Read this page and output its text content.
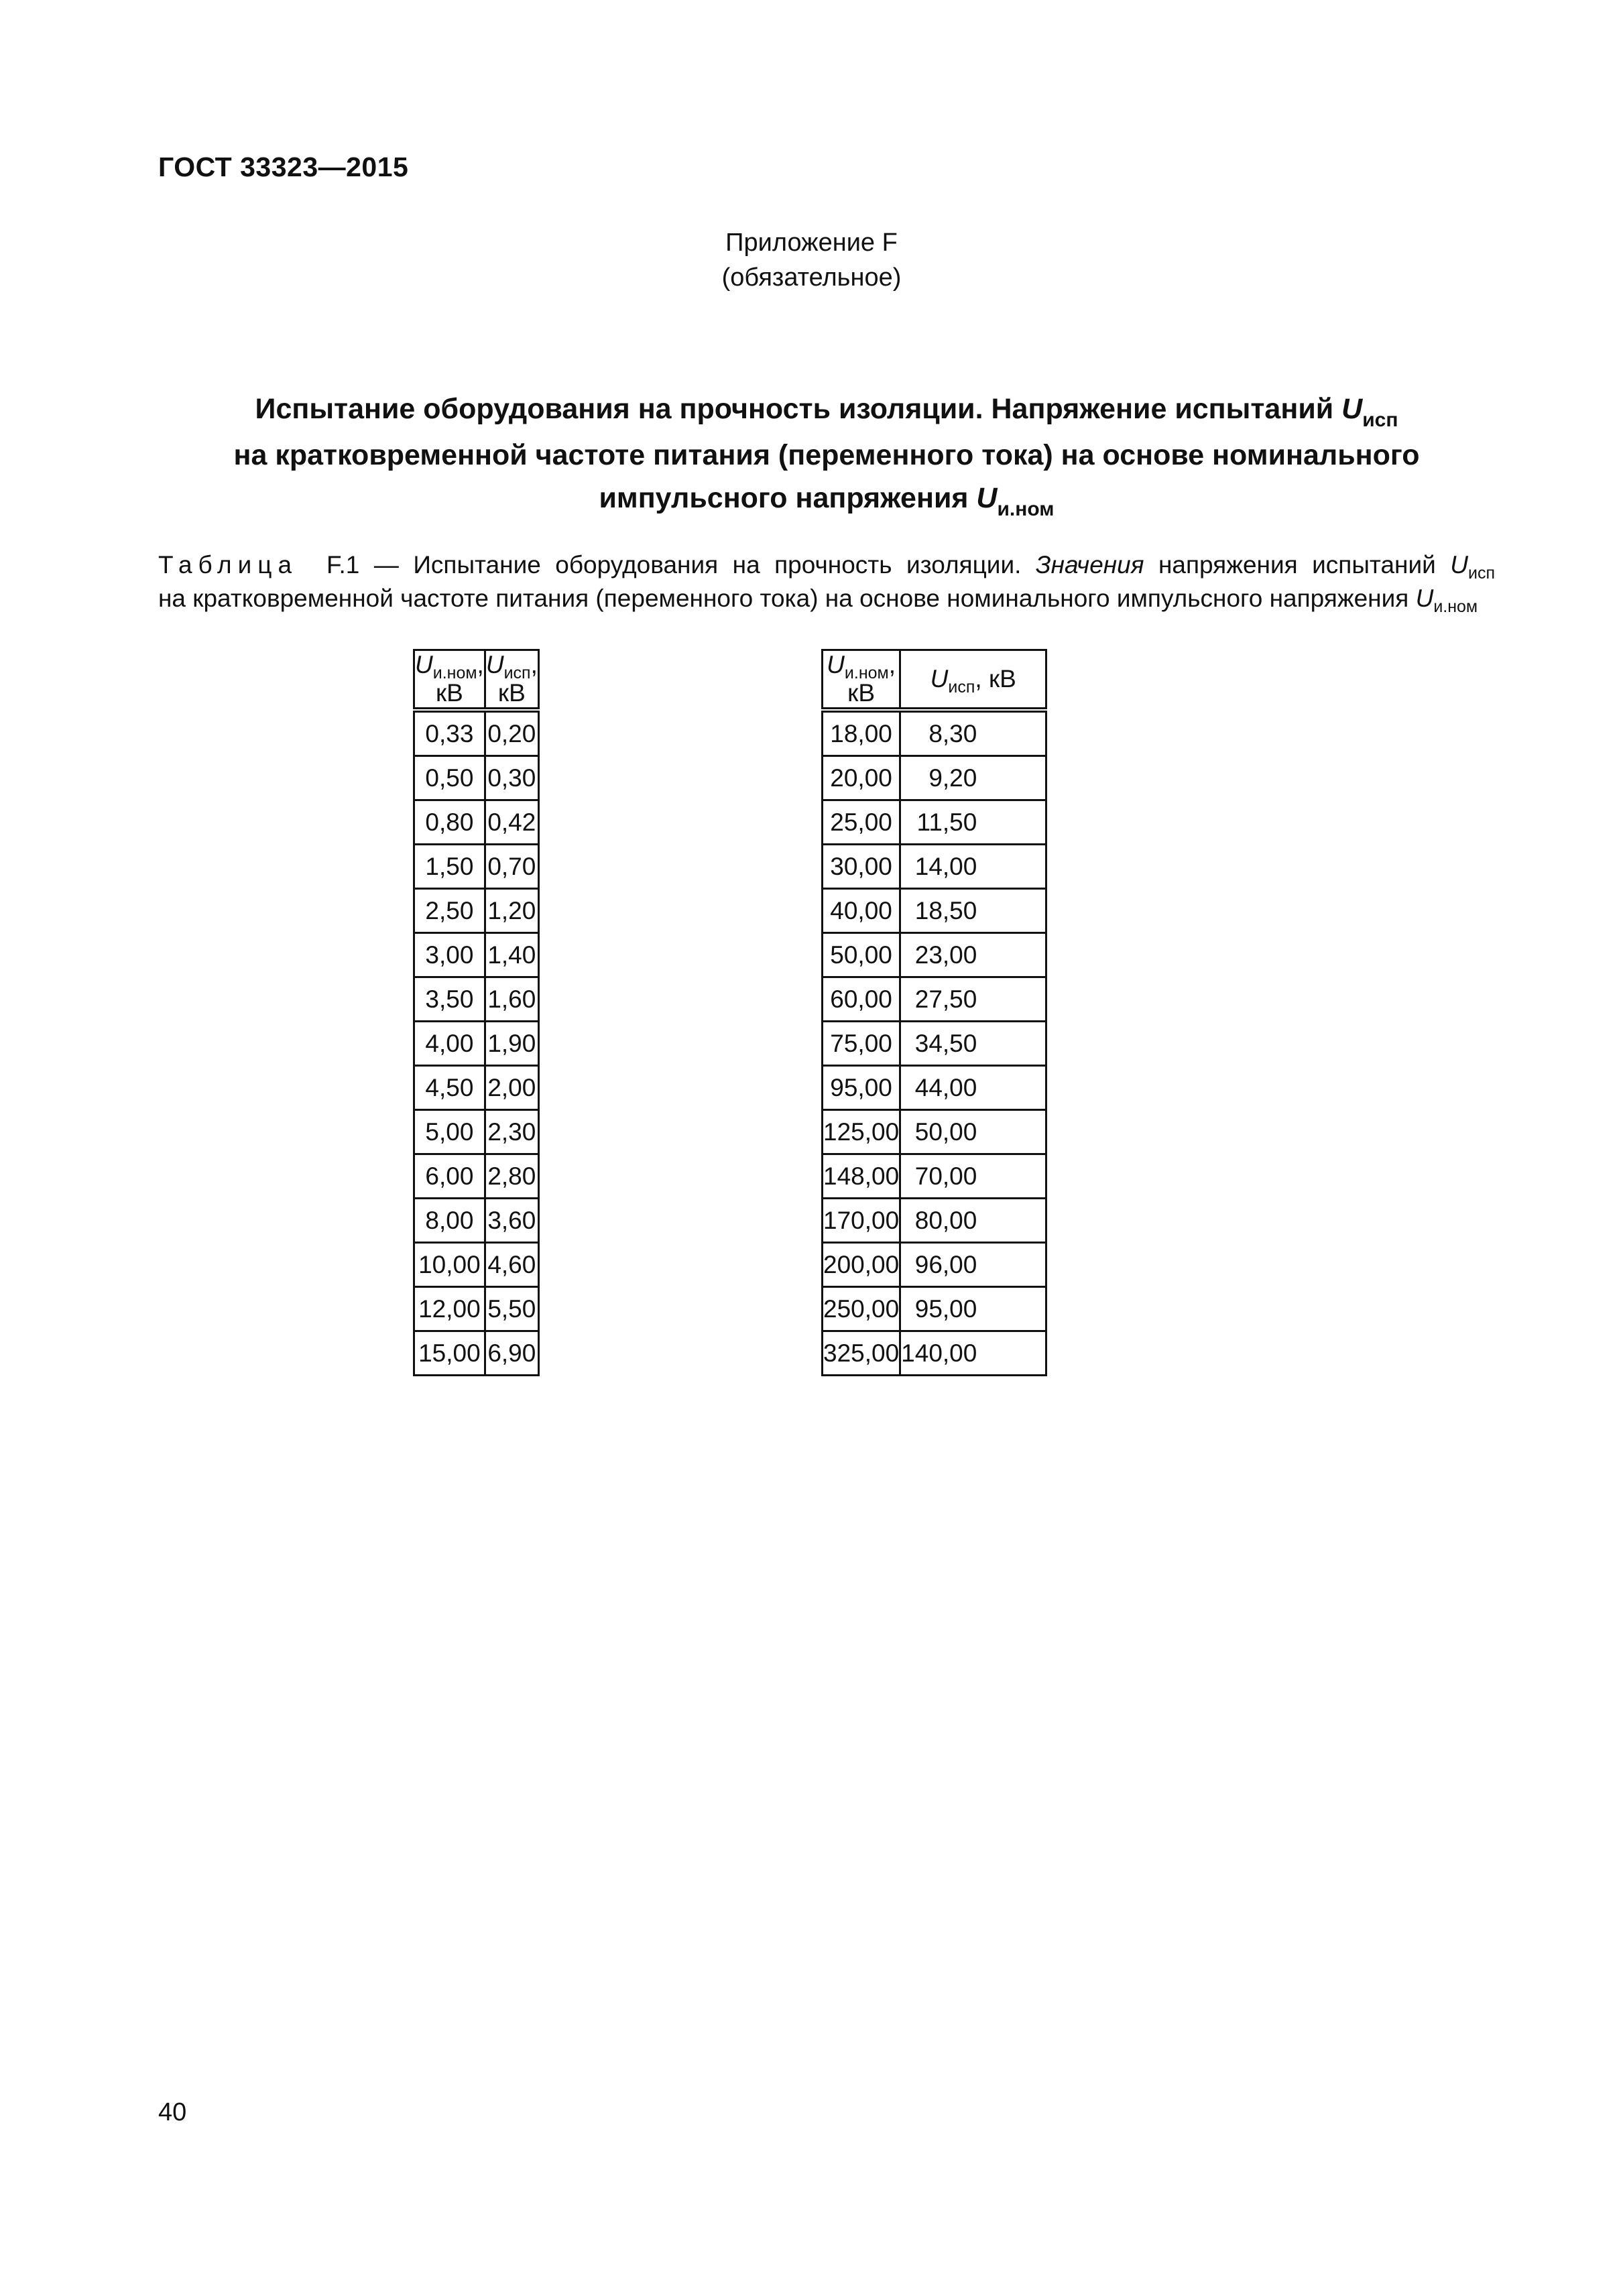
ГОСТ 33323—2015
Приложение F
(обязательное)
Испытание оборудования на прочность изоляции. Напряжение испытаний $U_{исп}$
на кратковременной частоте питания (переменного тока) на основе номинального
импульсного напряжения $U_{и.ном}$
Таблица F.1 — Испытание оборудования на прочность изоляции. Значения напряжения испытаний $U_{исп}$
на кратковременной частоте питания (переменного тока) на основе номинального импульсного напряжения $U_{и.ном}$
$U_{и.ном}$, кВ	$U_{исп}$, кВ
0,33	0,20
0,50	0,30
0,80	0,42
1,50	0,70
2,50	1,20
3,00	1,40
3,50	1,60
4,00	1,90
4,50	2,00
5,00	2,30
6,00	2,80
8,00	3,60
10,00	4,60
12,00	5,50
15,00	6,90
$U_{и.ном}$, кВ	$U_{исп}$, кВ
18,00	8,30
20,00	9,20
25,00	11,50
30,00	14,00
40,00	18,50
50,00	23,00
60,00	27,50
75,00	34,50
95,00	44,00
125,00	50,00
148,00	70,00
170,00	80,00
200,00	96,00
250,00	95,00
325,00	140,00
40
